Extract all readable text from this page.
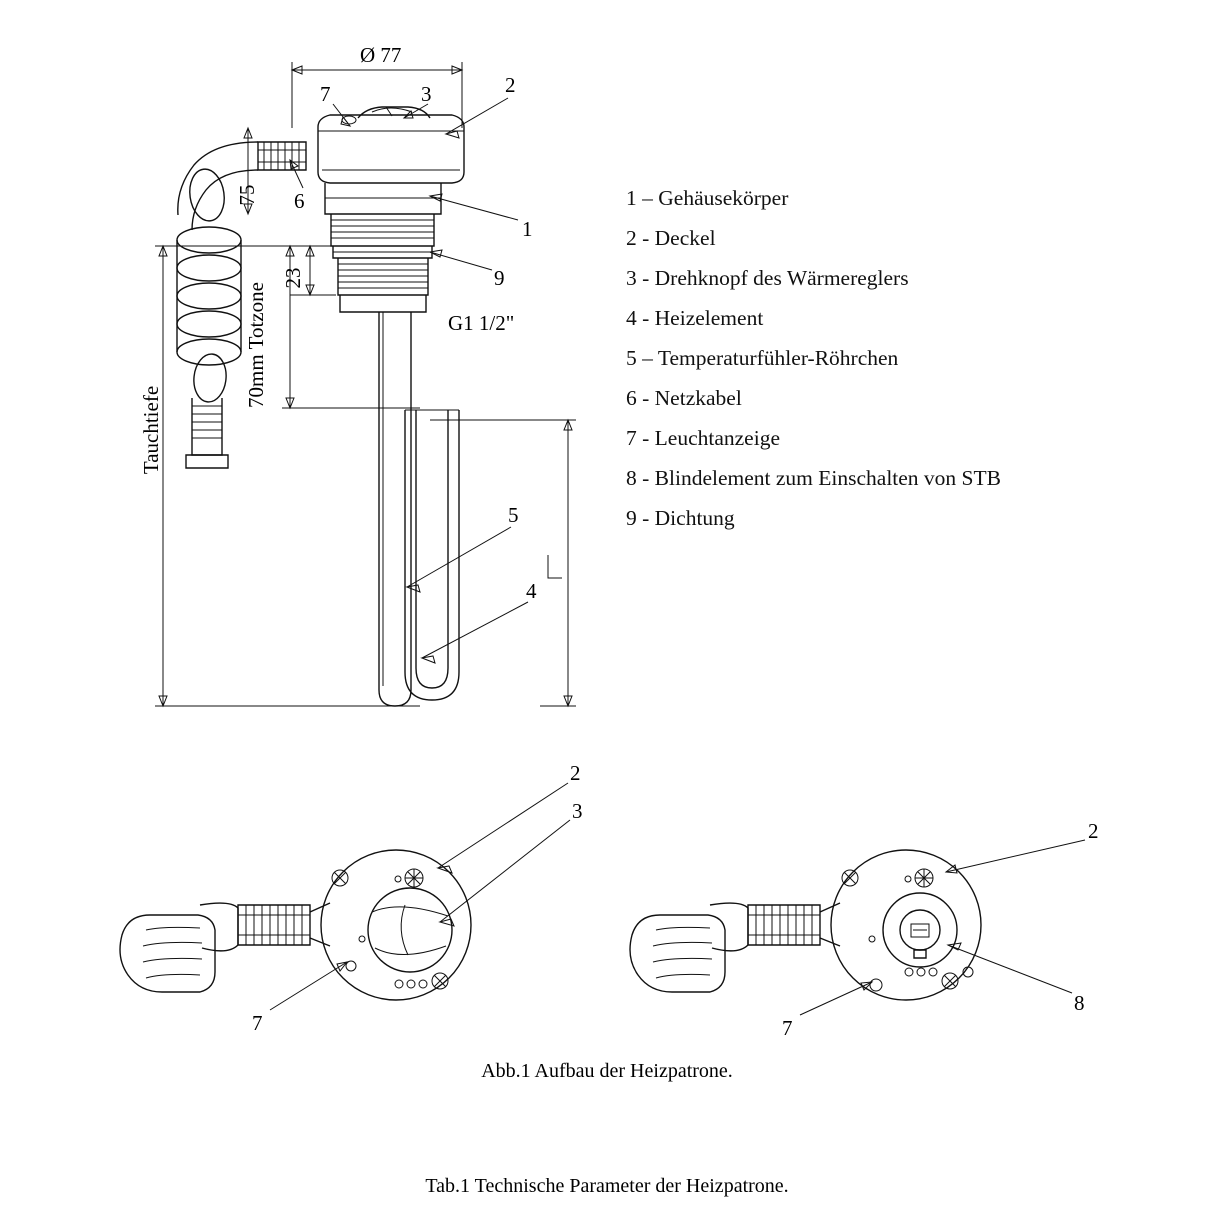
7	3	2
6
1
9
5
4
Ø 77
75
23
G1 1/2"
70mm Totzone
Tauchtiefe
2
3
7
2
7
8
1 – Gehäusekörper
2 - Deckel
3 - Drehknopf des Wärmereglers
4 - Heizelement
5 – Temperaturfühler-Röhrchen
6 - Netzkabel
7 - Leuchtanzeige
8 - Blindelement zum Einschalten von STB
9 - Dichtung
Abb.1 Aufbau der Heizpatrone.
Tab.1 Technische Parameter der Heizpatrone.
